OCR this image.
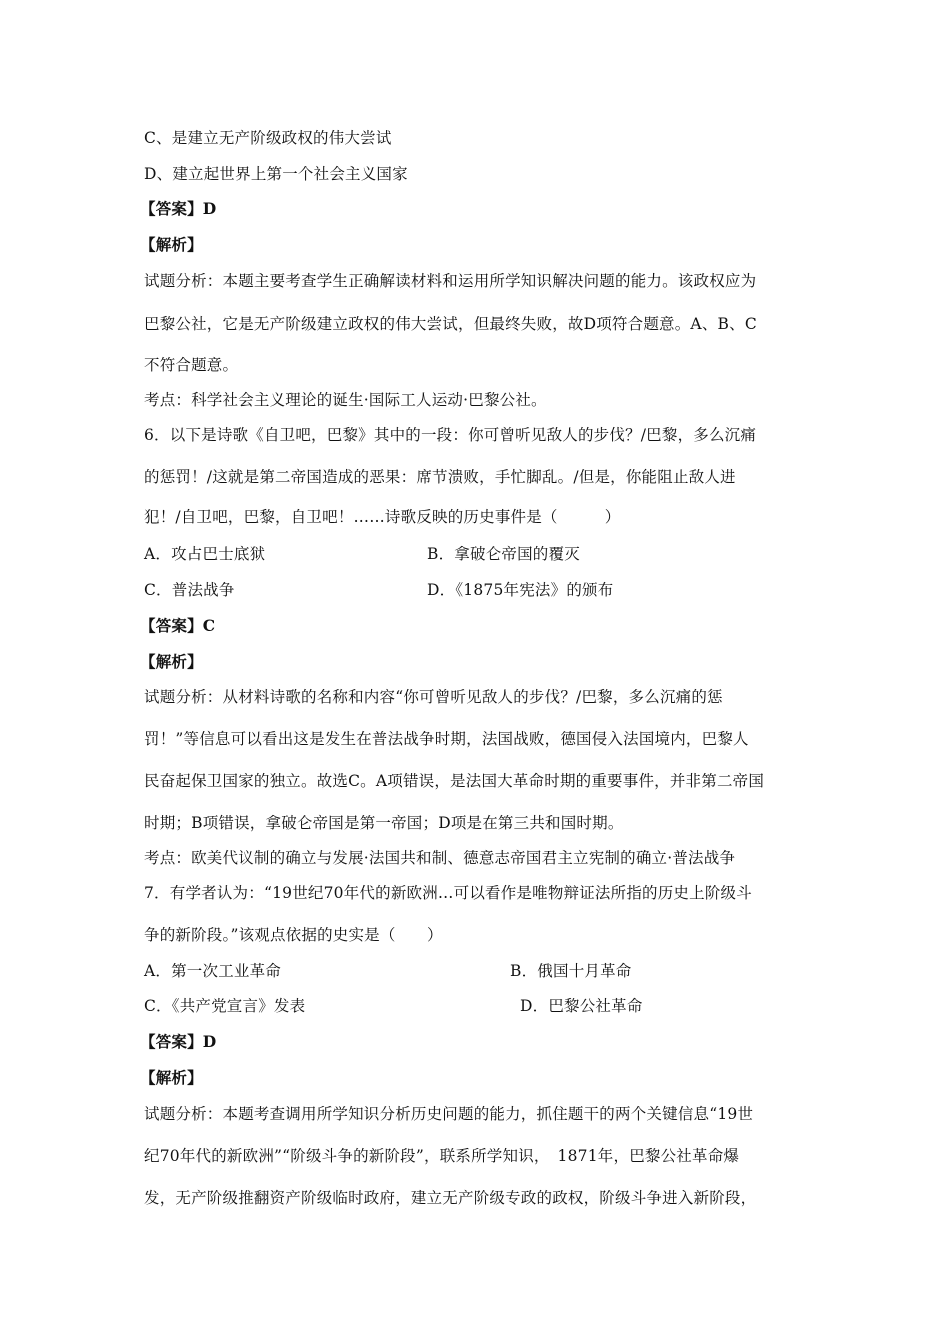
C、是建立无产阶级政权的伟大尝试
D、建立起世界上第一个社会主义国家
【答案】D
【解析】
试题分析：本题主要考查学生正确解读材料和运用所学知识解决问题的能力。该政权应为
巴黎公社，它是无产阶级建立政权的伟大尝试，但最终失败，故D项符合题意。A、B、C
不符合题意。
考点：科学社会主义理论的诞生·国际工人运动·巴黎公社。
6．以下是诗歌《自卫吧，巴黎》其中的一段：你可曾听见敌人的步伐？/巴黎，多么沉痛
的惩罚！/这就是第二帝国造成的恶果：席节溃败，手忙脚乱。/但是，你能阻止敌人进
犯！/自卫吧，巴黎，自卫吧！……诗歌反映的历史事件是（　　　）
A．攻占巴士底狱	B．拿破仑帝国的覆灭
C．普法战争	D．《1875年宪法》的颁布
【答案】C
【解析】
试题分析：从材料诗歌的名称和内容“你可曾听见敌人的步伐？/巴黎，多么沉痛的惩
罚！”等信息可以看出这是发生在普法战争时期，法国战败，德国侵入法国境内，巴黎人
民奋起保卫国家的独立。故选C。A项错误，是法国大革命时期的重要事件，并非第二帝国
时期；B项错误，拿破仑帝国是第一帝国；D项是在第三共和国时期。
考点：欧美代议制的确立与发展·法国共和制、德意志帝国君主立宪制的确立·普法战争
7．有学者认为：“19世纪70年代的新欧洲…可以看作是唯物辩证法所指的历史上阶级斗
争的新阶段。”该观点依据的史实是（　　）
A．第一次工业革命	B．俄国十月革命
C．《共产党宣言》发表	D．巴黎公社革命
【答案】D
【解析】
试题分析：本题考查调用所学知识分析历史问题的能力，抓住题干的两个关键信息“19世
纪70年代的新欧洲”“阶级斗争的新阶段”，联系所学知识，　1871年，巴黎公社革命爆
发，无产阶级推翻资产阶级临时政府，建立无产阶级专政的政权，阶级斗争进入新阶段，
